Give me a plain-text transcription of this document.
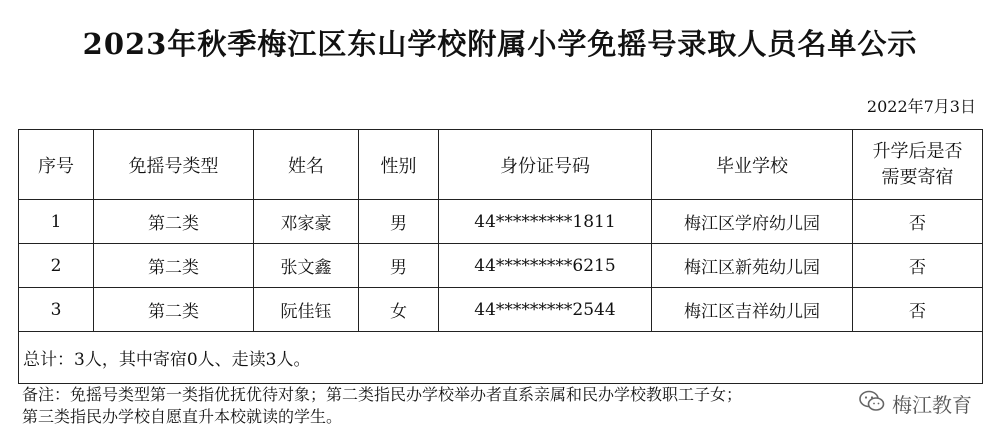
2023年秋季梅江区东山学校附属小学免摇号录取人员名单公示
2022年7月3日
序号	免摇号类型	姓名	性别	身份证号码	毕业学校	升学后是否需要寄宿
1	第二类	邓家豪	男	44*********1811	梅江区学府幼儿园	否
2	第二类	张文鑫	男	44*********6215	梅江区新苑幼儿园	否
3	第二类	阮佳钰	女	44*********2544	梅江区吉祥幼儿园	否
总计：3人，其中寄宿0人、走读3人。						
备注：免摇号类型第一类指优抚优待对象；第二类指民办学校举办者直系亲属和民办学校教职工子女；
第三类指民办学校自愿直升本校就读的学生。	梅江教育
